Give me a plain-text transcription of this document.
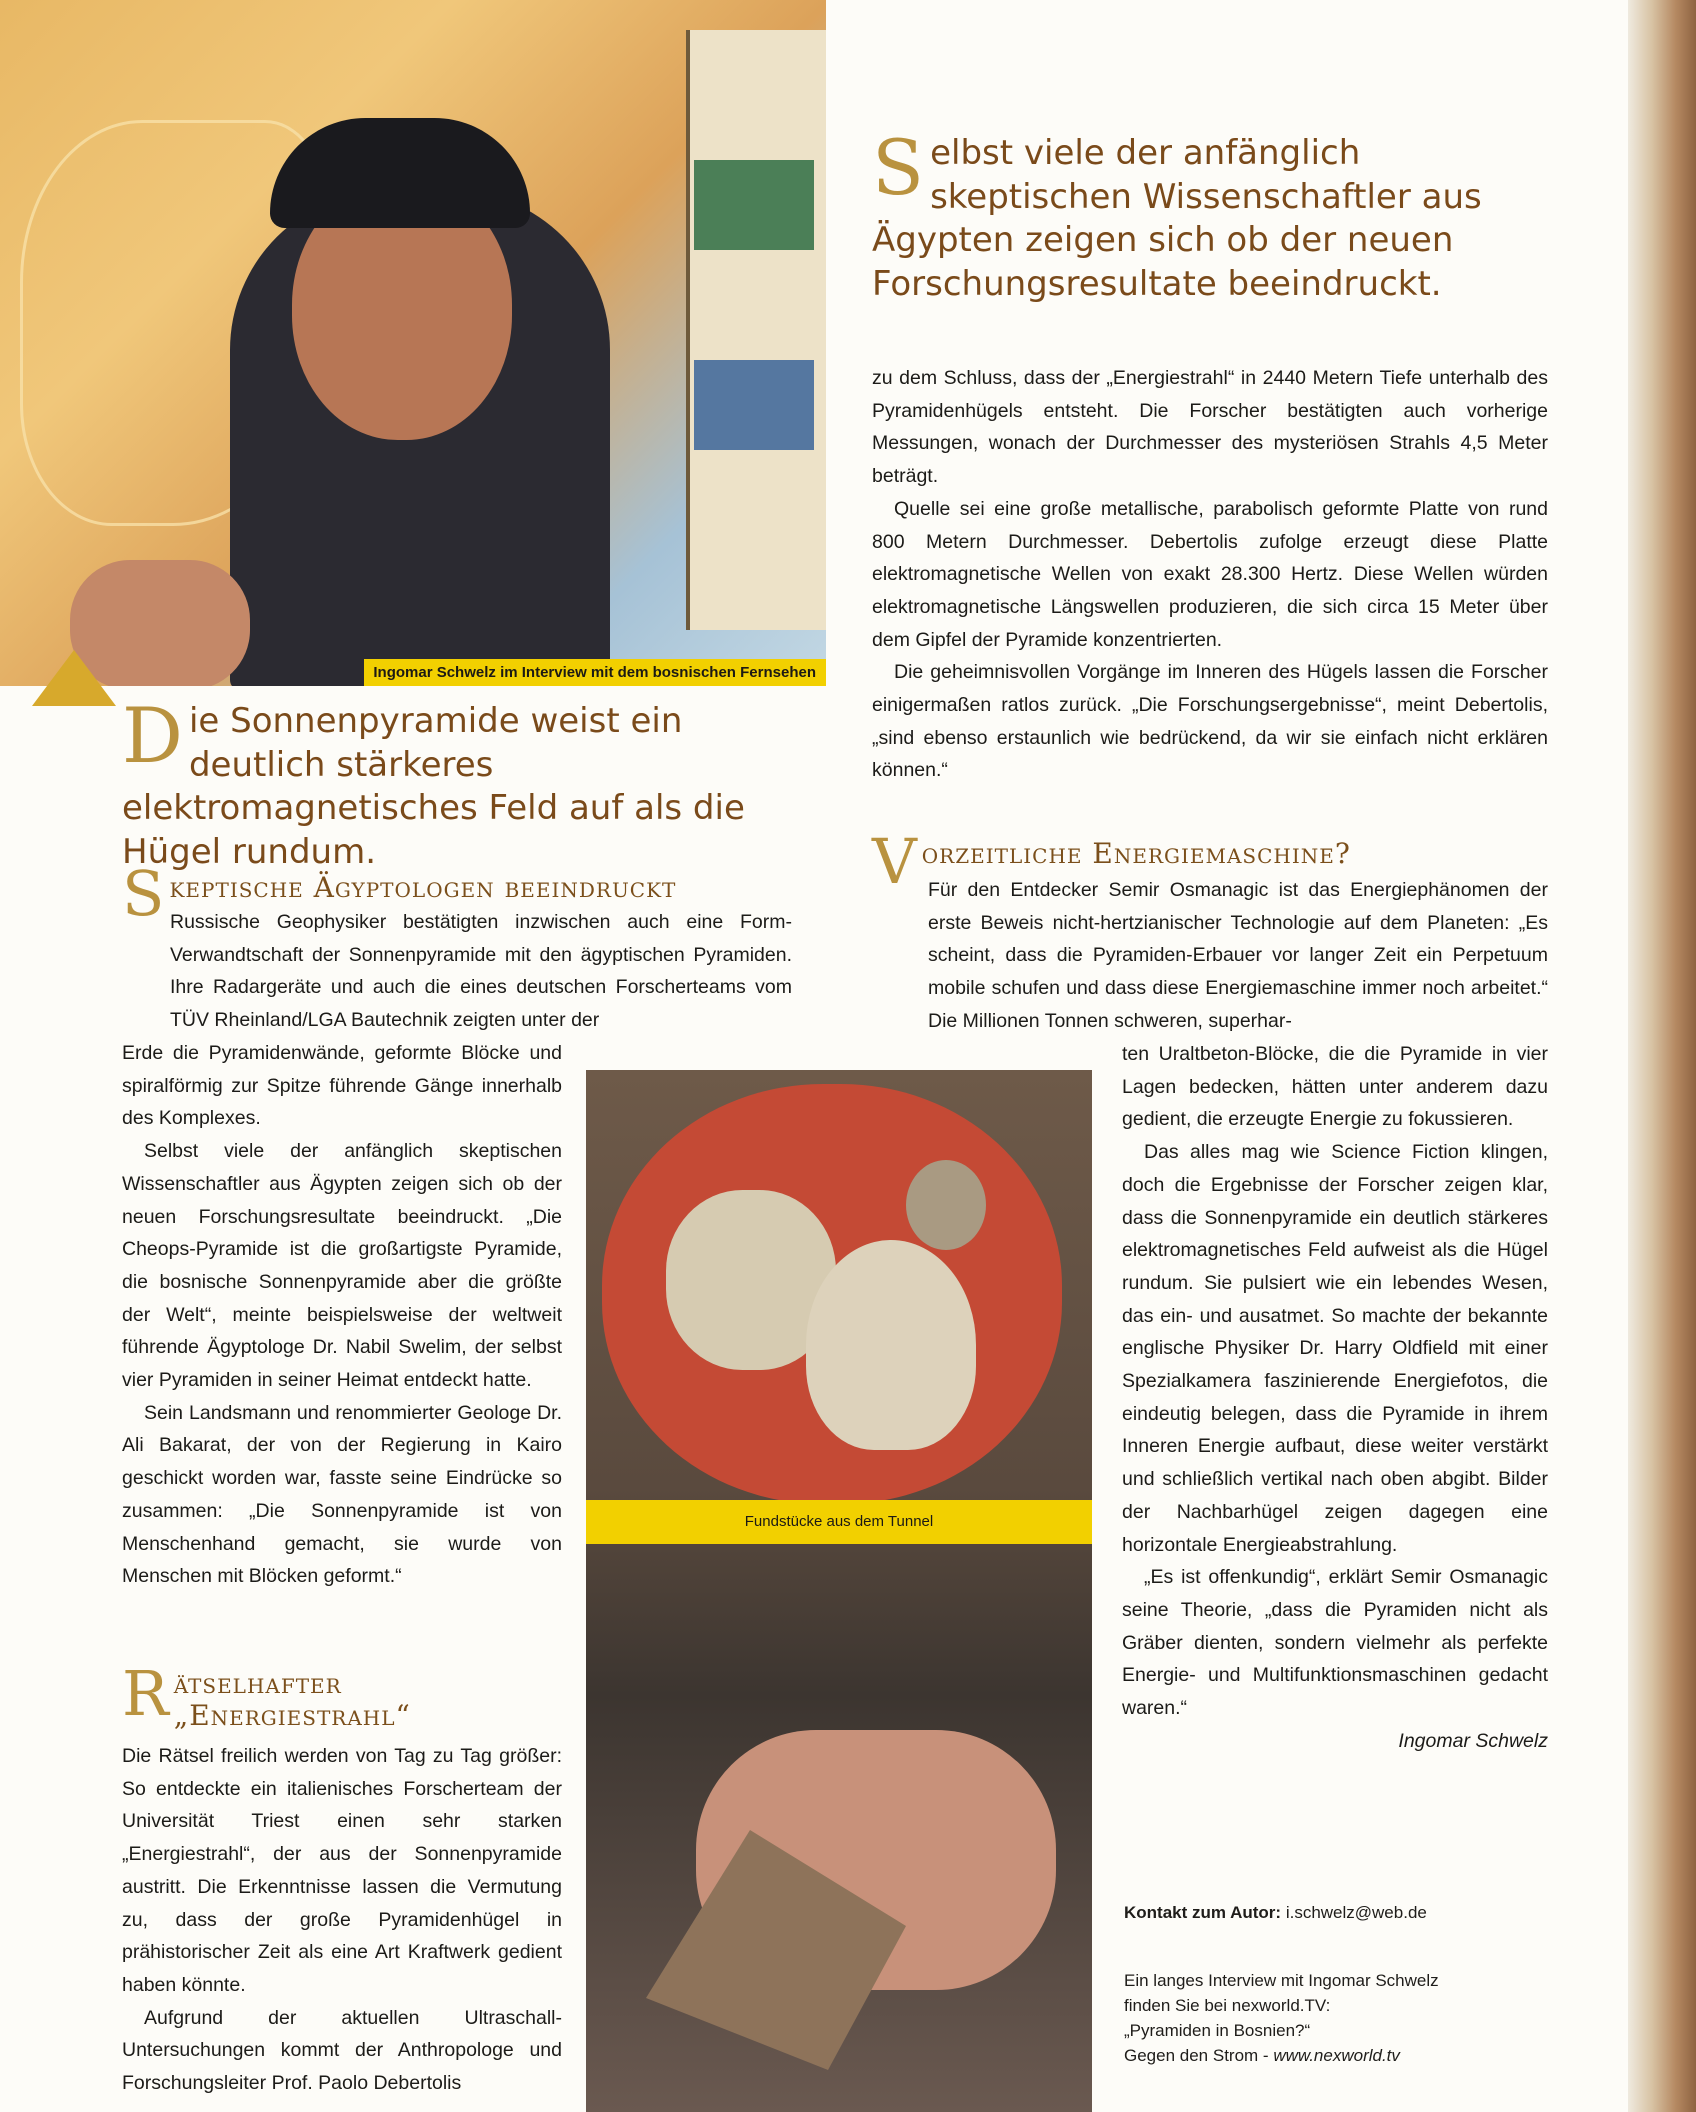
Ingomar Schwelz im Interview mit dem bosnischen Fernsehen
Die Sonnenpyramide weist ein deutlich stärkeres elektromagnetisches Feld auf als die Hügel rundum.
Selbst viele der anfänglich skeptischen Wissenschaftler aus Ägypten zeigen sich ob der neuen Forschungsresultate beeindruckt.
Skeptische Ägyptologen beeindruckt

Russische Geophysiker bestätigten inzwischen auch eine Form-Verwandtschaft der Sonnenpyramide mit den ägyptischen Pyramiden. Ihre Radargeräte und auch die eines deutschen Forscherteams vom TÜV Rheinland/LGA Bautechnik zeigten unter der

Erde die Pyramidenwände, geformte Blöcke und spiralförmig zur Spitze führende Gänge innerhalb des Komplexes.

Selbst viele der anfänglich skeptischen Wissenschaftler aus Ägypten zeigen sich ob der neuen Forschungsresultate beeindruckt. „Die Cheops-Pyramide ist die großartigste Pyramide, die bosnische Sonnenpyramide aber die größte der Welt“, meinte beispielsweise der weltweit führende Ägyptologe Dr. Nabil Swelim, der selbst vier Pyramiden in seiner Heimat entdeckt hatte.

Sein Landsmann und renommierter Geologe Dr. Ali Bakarat, der von der Regierung in Kairo geschickt worden war, fasste seine Eindrücke so zusammen: „Die Sonnenpyramide ist von Menschenhand gemacht, sie wurde von Menschen mit Blöcken geformt.“

R ätselhafter
„Energiestrahl“

Die Rätsel freilich werden von Tag zu Tag größer: So entdeckte ein italienisches Forscherteam der Universität Triest einen sehr starken „Energiestrahl“, der aus der Sonnenpyramide austritt. Die Erkenntnisse lassen die Vermutung zu, dass der große Pyramidenhügel in prähistorischer Zeit als eine Art Kraftwerk gedient haben könnte.

Aufgrund der aktuellen Ultraschall-Untersuchungen kommt der Anthropologe und Forschungsleiter Prof. Paolo Debertolis

Fundstücke aus dem Tunnel

zu dem Schluss, dass der „Energiestrahl“ in 2440 Metern Tiefe unterhalb des Pyramidenhügels entsteht. Die Forscher bestätigten auch vorherige Messungen, wonach der Durchmesser des mysteriösen Strahls 4,5 Meter beträgt.

Quelle sei eine große metallische, parabolisch geformte Platte von rund 800 Metern Durchmesser. Debertolis zufolge erzeugt diese Platte elektromagnetische Wellen von exakt 28.300 Hertz. Diese Wellen würden elektromagnetische Längswellen produzieren, die sich circa 15 Meter über dem Gipfel der Pyramide konzentrierten.

Die geheimnisvollen Vorgänge im Inneren des Hügels lassen die Forscher einigermaßen ratlos zurück. „Die Forschungsergebnisse“, meint Debertolis, „sind ebenso erstaunlich wie bedrückend, da wir sie einfach nicht erklären können.“

Vorzeitliche Energiemaschine?

Für den Entdecker Semir Osmanagic ist das Energiephänomen der erste Beweis nicht-hertzianischer Technologie auf dem Planeten: „Es scheint, dass die Pyramiden-Erbauer vor langer Zeit ein Perpetuum mobile schufen und dass diese Energiemaschine immer noch arbeitet.“ Die Millionen Tonnen schweren, superhar-

ten Uraltbeton-Blöcke, die die Pyramide in vier Lagen bedecken, hätten unter anderem dazu gedient, die erzeugte Energie zu fokussieren.

Das alles mag wie Science Fiction klingen, doch die Ergebnisse der Forscher zeigen klar, dass die Sonnenpyramide ein deutlich stärkeres elektromagnetisches Feld aufweist als die Hügel rundum. Sie pulsiert wie ein lebendes Wesen, das ein- und ausatmet. So machte der bekannte englische Physiker Dr. Harry Oldfield mit einer Spezialkamera faszinierende Energiefotos, die eindeutig belegen, dass die Pyramide in ihrem Inneren Energie aufbaut, diese weiter verstärkt und schließlich vertikal nach oben abgibt. Bilder der Nachbarhügel zeigen dagegen eine horizontale Energieabstrahlung.

„Es ist offenkundig“, erklärt Semir Osmanagic seine Theorie, „dass die Pyramiden nicht als Gräber dienten, sondern vielmehr als perfekte Energie- und Multifunktionsmaschinen gedacht waren.“

Ingomar Schwelz

Kontakt zum Autor: i.schwelz@web.de
Ein langes Interview mit Ingomar Schwelz
finden Sie bei nexworld.TV:
„Pyramiden in Bosnien?“
Gegen den Strom - www.nexworld.tv
